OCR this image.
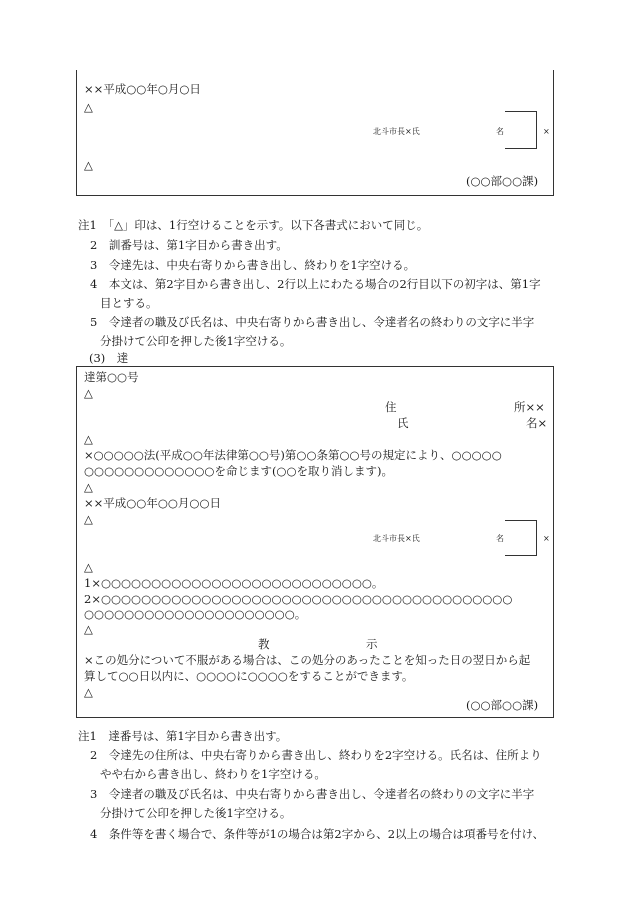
××平成○○年○月○日
△
北斗市長×氏	名	×
△
(○○部○○課)
注1　「△」印は、1行空けることを示す。以下各書式において同じ。
2　訓番号は、第1字目から書き出す。
3　令達先は、中央右寄りから書き出し、終わりを1字空ける。
4　本文は、第2字目から書き出し、2行以上にわたる場合の2行目以下の初字は、第1字
目とする。
5　令達者の職及び氏名は、中央右寄りから書き出し、令達者名の終わりの文字に半字
分掛けて公印を押した後1字空ける。
(3)　達
達第○○号
△
住	所××
氏	名×
△
×○○○○○法(平成○○年法律第○○号)第○○条第○○号の規定により、○○○○○
○○○○○○○○○○○○○を命じます(○○を取り消します)。
△
××平成○○年○○月○○日
△
北斗市長×氏	名	×
△
1×○○○○○○○○○○○○○○○○○○○○○○○○○○○。
2×○○○○○○○○○○○○○○○○○○○○○○○○○○○○○○○○○○○○○○○○○
○○○○○○○○○○○○○○○○○○○○○。
△
教	示
×この処分について不服がある場合は、この処分のあったことを知った日の翌日から起
算して○○日以内に、○○○○に○○○○をすることができます。
△
(○○部○○課)
注1　達番号は、第1字目から書き出す。
2　令達先の住所は、中央右寄りから書き出し、終わりを2字空ける。氏名は、住所より
やや右から書き出し、終わりを1字空ける。
3　令達者の職及び氏名は、中央右寄りから書き出し、令達者名の終わりの文字に半字
分掛けて公印を押した後1字空ける。
4　条件等を書く場合で、条件等が1の場合は第2字から、2以上の場合は項番号を付け、
